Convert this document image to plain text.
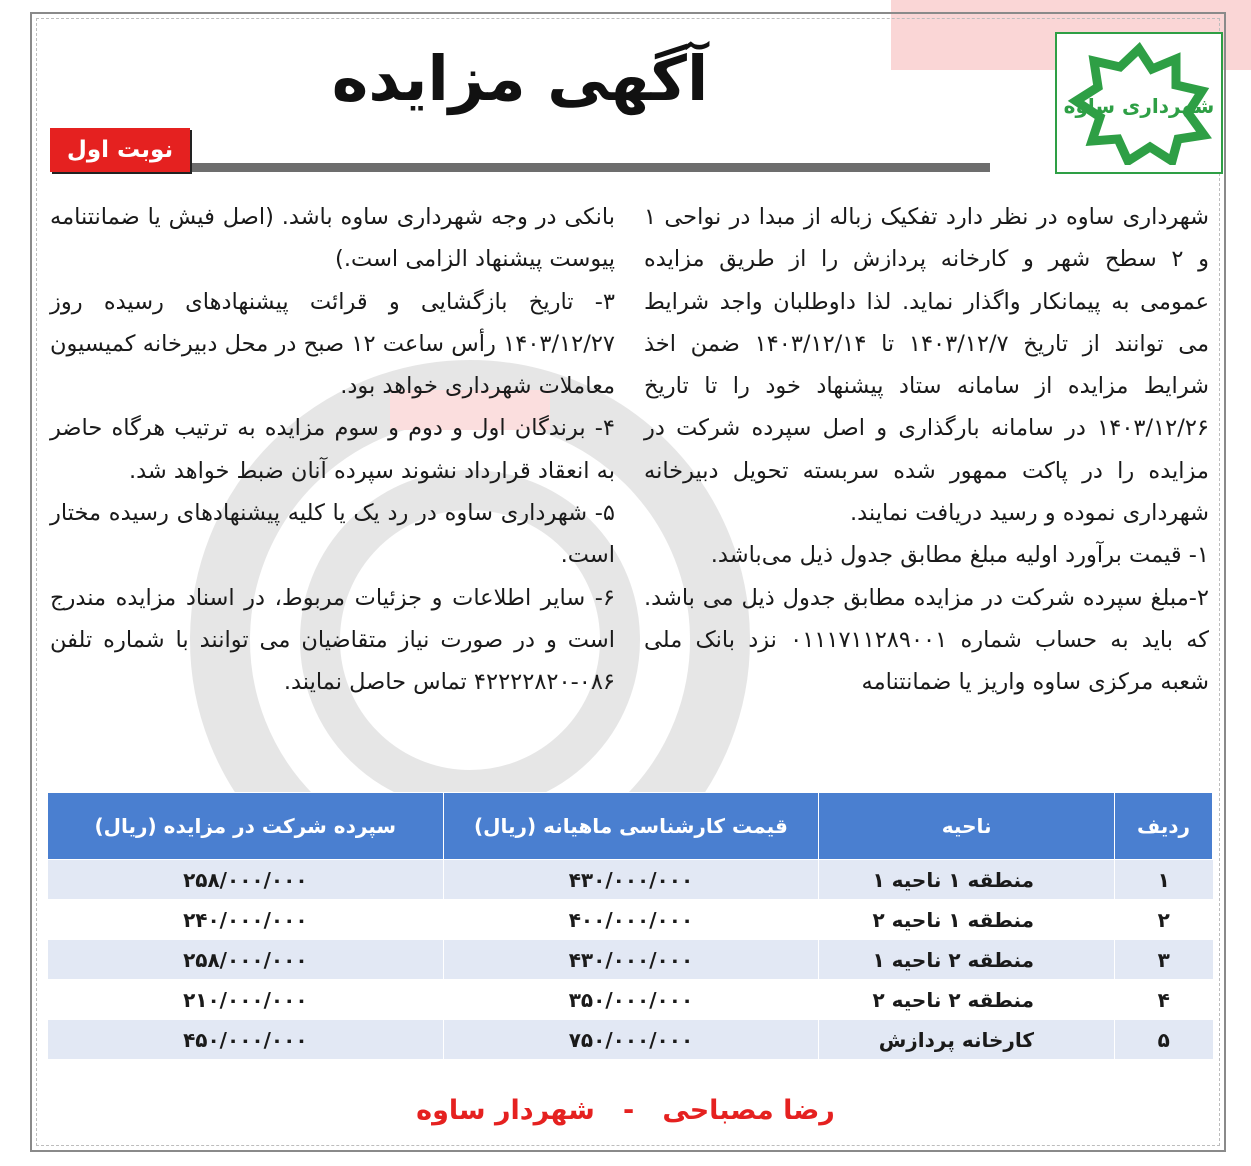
شهرداری ساوه
آگهی مزایده
نوبت اول

شهرداری ساوه در نظر دارد تفکیک زباله از مبدا در نواحی ۱ و ۲ سطح شهر و کارخانه پردازش را از طریق مزایده عمومی به پیمانکار واگذار نماید. لذا داوطلبان واجد شرایط می توانند از تاریخ ۱۴۰۳/۱۲/۷ تا ۱۴۰۳/۱۲/۱۴ ضمن اخذ شرایط مزایده از سامانه ستاد پیشنهاد خود را تا تاریخ ۱۴۰۳/۱۲/۲۶ در سامانه بارگذاری و اصل سپرده شرکت در مزایده را در پاکت ممهور شده سربسته تحویل دبیرخانه شهرداری نموده و رسید دریافت نمایند.

۱- قیمت برآورد اولیه مبلغ مطابق جدول ذیل می‌باشد.

۲-مبلغ سپرده شرکت در مزایده مطابق جدول ذیل می باشد. که باید به حساب شماره ۰۱۱۱۷۱۱۲۸۹۰۰۱ نزد بانک ملی شعبه مرکزی ساوه واریز یا ضمانتنامه

بانکی در وجه شهرداری ساوه باشد. (اصل فیش یا ضمانتنامه پیوست پیشنهاد الزامی است.)

۳- تاریخ بازگشایی و قرائت پیشنهادهای رسیده روز ۱۴۰۳/۱۲/۲۷ رأس ساعت ۱۲ صبح در محل دبیرخانه کمیسیون معاملات شهرداری خواهد بود.

۴- برندگان اول و دوم و سوم مزایده به ترتیب هرگاه حاضر به انعقاد قرارداد نشوند سپرده آنان ضبط خواهد شد.

۵- شهرداری ساوه در رد یک یا کلیه پیشنهادهای رسیده مختار است.

۶- سایر اطلاعات و جزئیات مربوط، در اسناد مزایده مندرج است و در صورت نیاز متقاضیان می توانند با شماره تلفن ۰۸۶-۴۲۲۲۲۸۲۰ تماس حاصل نمایند.

ردیف	ناحیه	قیمت کارشناسی ماهیانه (ریال)	سپرده شرکت در مزایده (ریال)
۱	منطقه ۱ ناحیه ۱	۴۳۰/۰۰۰/۰۰۰	۲۵۸/۰۰۰/۰۰۰
۲	منطقه ۱ ناحیه ۲	۴۰۰/۰۰۰/۰۰۰	۲۴۰/۰۰۰/۰۰۰
۳	منطقه ۲ ناحیه ۱	۴۳۰/۰۰۰/۰۰۰	۲۵۸/۰۰۰/۰۰۰
۴	منطقه ۲ ناحیه ۲	۳۵۰/۰۰۰/۰۰۰	۲۱۰/۰۰۰/۰۰۰
۵	کارخانه پردازش	۷۵۰/۰۰۰/۰۰۰	۴۵۰/۰۰۰/۰۰۰
رضا مصباحی   -   شهردار ساوه
